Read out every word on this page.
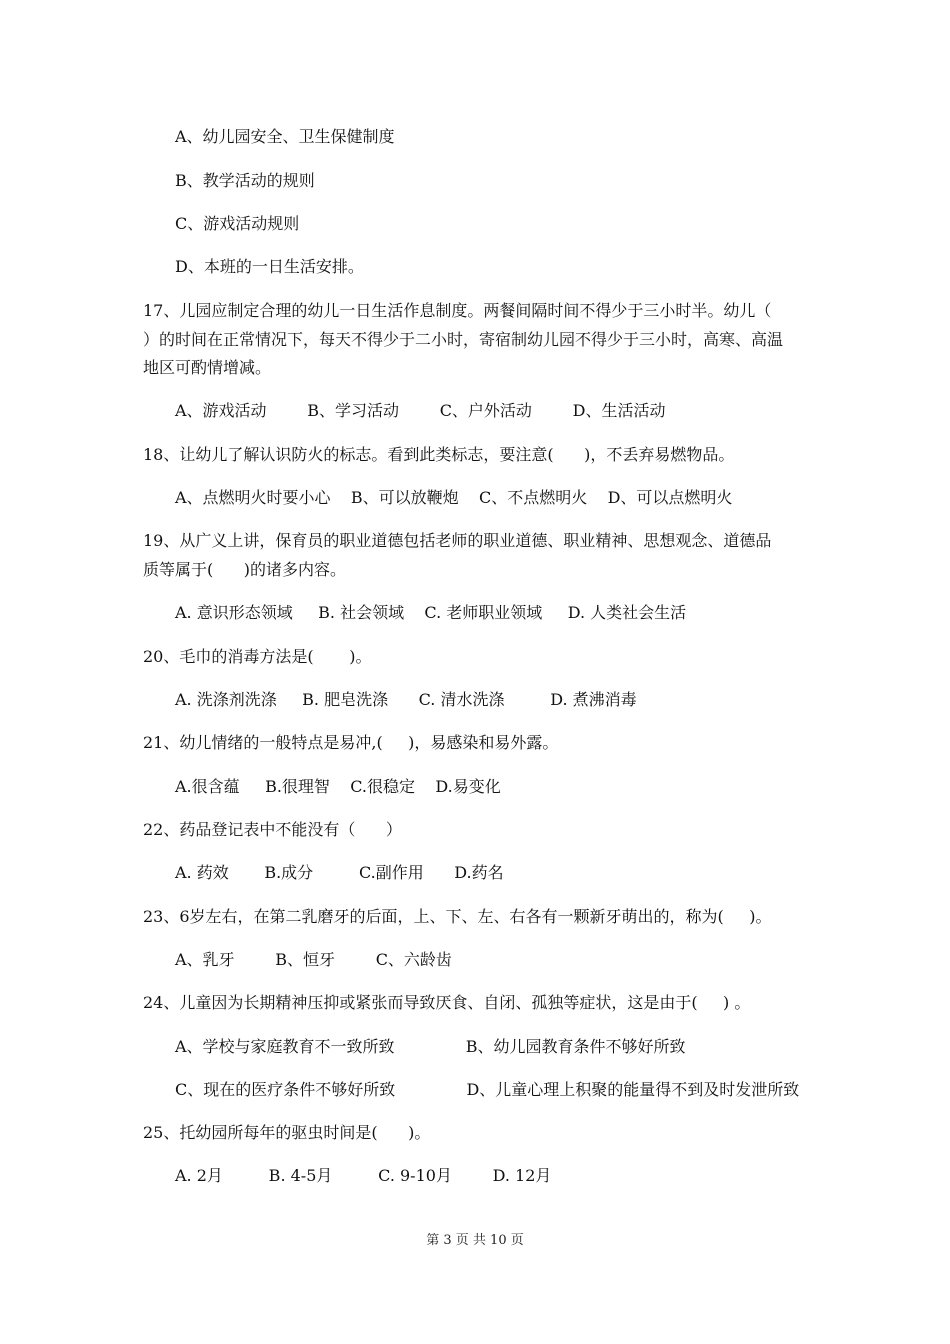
A、幼儿园安全、卫生保健制度
B、教学活动的规则
C、游戏活动规则
D、本班的一日生活安排。
17、儿园应制定合理的幼儿一日生活作息制度。两餐间隔时间不得少于三小时半。幼儿（
）的时间在正常情况下，每天不得少于二小时，寄宿制幼儿园不得少于三小时，高寒、高温
地区可酌情增减。
A、游戏活动        B、学习活动        C、户外活动        D、生活活动
18、让幼儿了解认识防火的标志。看到此类标志，要注意(      )，不丢弃易燃物品。
A、点燃明火时要小心    B、可以放鞭炮    C、不点燃明火    D、可以点燃明火
19、从广义上讲，保育员的职业道德包括老师的职业道德、职业精神、思想观念、道德品
质等属于(      )的诸多内容。
A. 意识形态领域     B. 社会领域    C. 老师职业领域     D. 人类社会生活
20、毛巾的消毒方法是(       )。
A. 洗涤剂洗涤     B. 肥皂洗涤      C. 清水洗涤         D. 煮沸消毒
21、幼儿情绪的一般特点是易冲,(     )，易感染和易外露。
A.很含蕴     B.很理智    C.很稳定    D.易变化
22、药品登记表中不能没有（      ）
A. 药效       B.成分         C.副作用      D.药名
23、6岁左右，在第二乳磨牙的后面，上、下、左、右各有一颗新牙萌出的，称为(     )。
A、乳牙        B、恒牙        C、六龄齿
24、儿童因为长期精神压抑或紧张而导致厌食、自闭、孤独等症状，这是由于(     ) 。
A、学校与家庭教育不一致所致              B、幼儿园教育条件不够好所致
C、现在的医疗条件不够好所致              D、儿童心理上积聚的能量得不到及时发泄所致
25、托幼园所每年的驱虫时间是(      )。
A. 2月         B. 4-5月         C. 9-10月        D. 12月
第 3 页 共 10 页
